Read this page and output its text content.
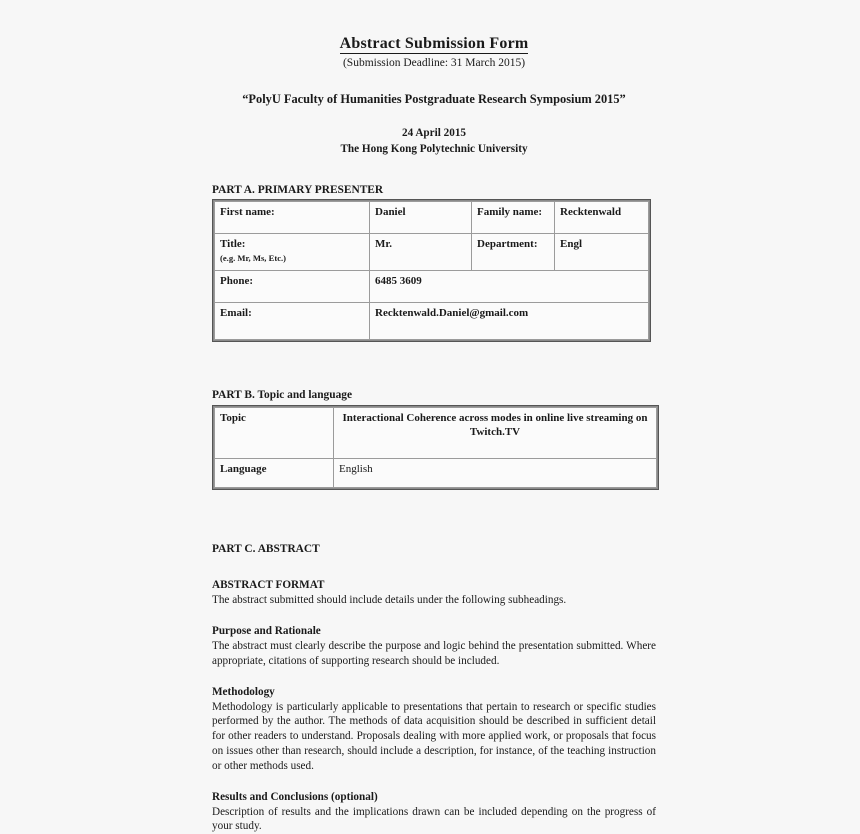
Abstract Submission Form

(Submission Deadline: 31 March 2015)

“PolyU Faculty of Humanities Postgraduate Research Symposium 2015”

24 April 2015

The Hong Kong Polytechnic University

PART A. PRIMARY PRESENTER
First name:	Daniel	Family name:	Recktenwald
Title:
(e.g. Mr, Ms, Etc.)	Mr.	Department:	Engl
Phone:	6485 3609		
Email:	Recktenwald.Daniel@gmail.com		
PART B. Topic and language
Topic	Interactional Coherence across modes in online live streaming on Twitch.TV
Language	English
PART C. ABSTRACT
ABSTRACT FORMAT

The abstract submitted should include details under the following subheadings.

Purpose and Rationale

The abstract must clearly describe the purpose and logic behind the presentation submitted. Where appropriate, citations of supporting research should be included.

Methodology

Methodology is particularly applicable to presentations that pertain to research or specific studies performed by the author. The methods of data acquisition should be described in sufficient detail for other readers to understand. Proposals dealing with more applied work, or proposals that focus on issues other than research, should include a description, for instance, of the teaching instruction or other methods used.

Results and Conclusions (optional)

Description of results and the implications drawn can be included depending on the progress of your study.
